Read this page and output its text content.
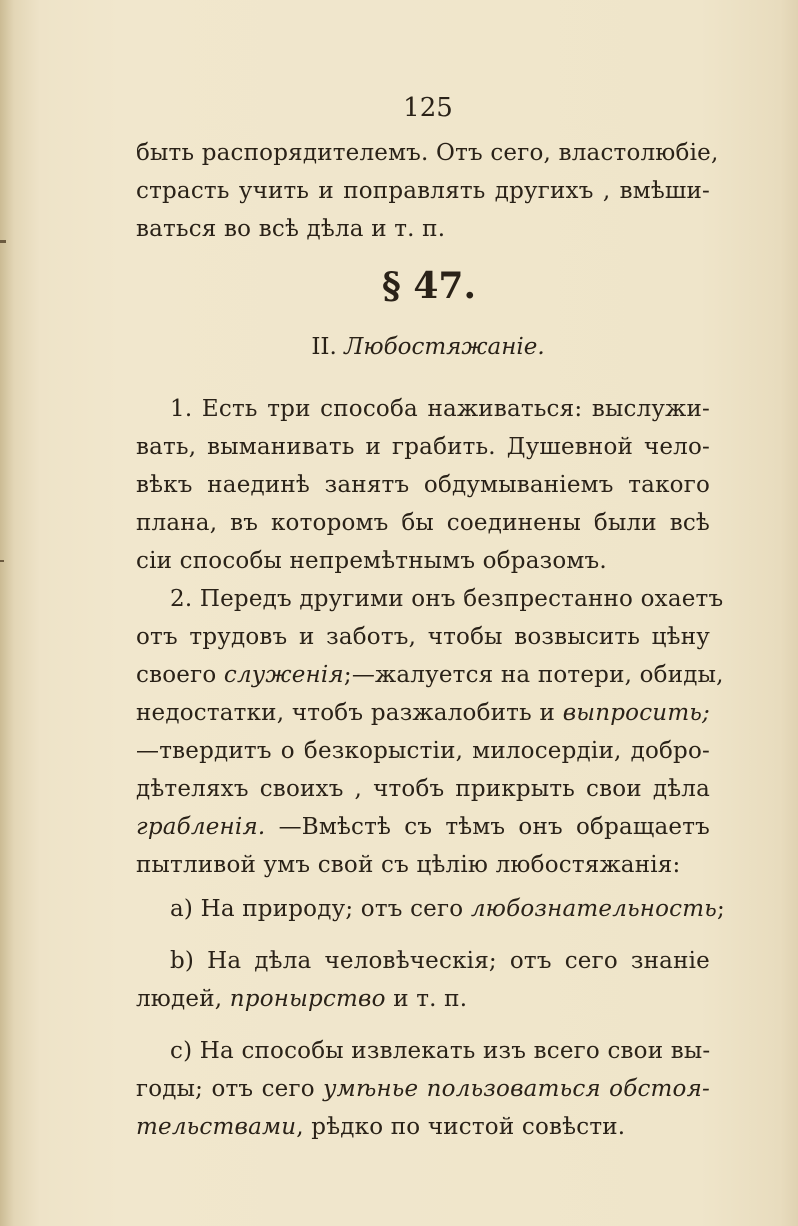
125
быть распорядителемъ. Отъ сего, властолюбіе,
страсть учить и поправлять другихъ , вмѣши-
ваться во всѣ дѣла и т. п.
§ 47.
II. Любостяжаніе.
1. Есть три способа наживаться: выслужи-
вать, выманивать и грабить. Душевной чело-
вѣкъ наединѣ занятъ обдумываніемъ такого
плана, въ которомъ бы соединены были всѣ
сіи способы непремѣтнымъ образомъ.
2. Передъ другими онъ безпрестанно охаетъ
отъ трудовъ и заботъ, чтобы возвысить цѣну
своего служенія;—жалуется на потери, обиды,
недостатки, чтобъ разжалобить и выпросить;
—твердитъ о безкорыстіи, милосердіи, добро-
дѣтеляхъ своихъ , чтобъ прикрыть свои дѣла
грабленія. —Вмѣстѣ съ тѣмъ онъ обращаетъ
пытливой умъ свой съ цѣлію любостяжанія:
a) На природу; отъ сего любознательность;
b) На дѣла человѣческія; отъ сего знаніе
людей, пронырство и т. п.
c) На способы извлекать изъ всего свои вы-
годы; отъ сего умѣнье пользоваться обстоя-
тельствами, рѣдко по чистой совѣсти.
